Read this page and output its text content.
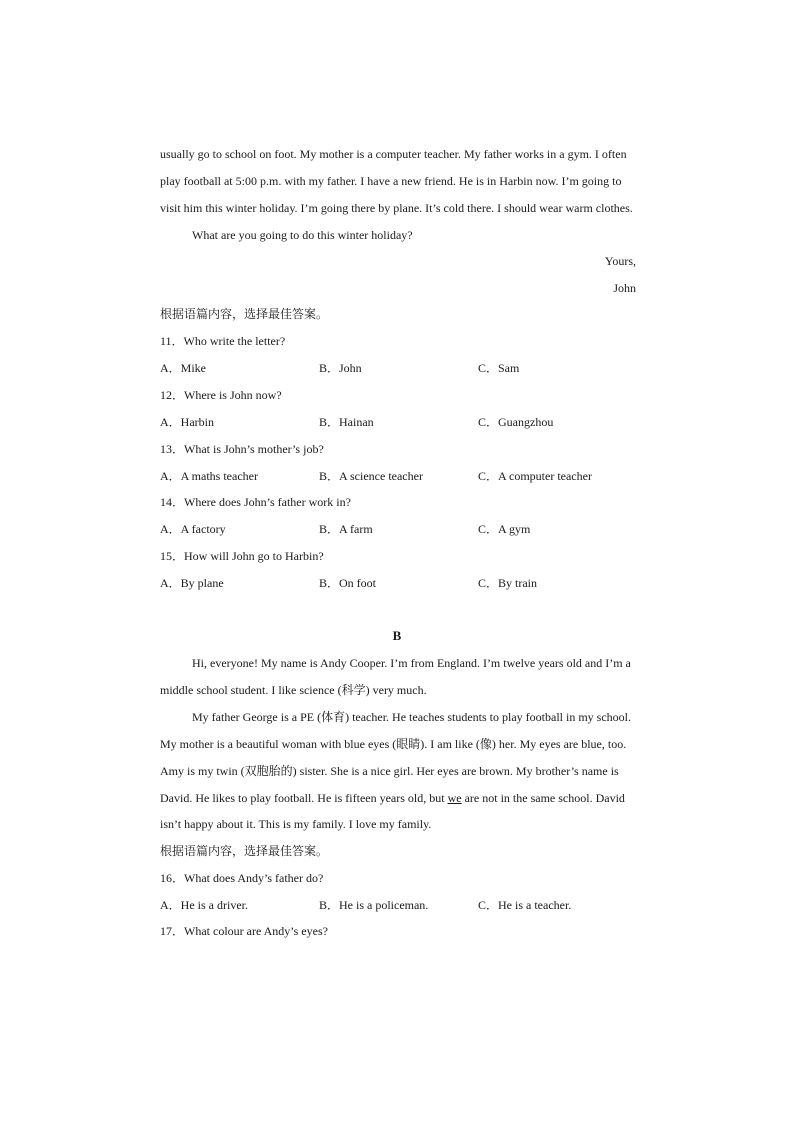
usually go to school on foot. My mother is a computer teacher. My father works in a gym. I often
play football at 5:00 p.m. with my father. I have a new friend. He is in Harbin now. I’m going to
visit him this winter holiday. I’m going there by plane. It’s cold there. I should wear warm clothes.
What are you going to do this winter holiday?
Yours,
John
根据语篇内容，选择最佳答案。
11．Who write the letter?
A．Mike	B．John	C．Sam
12．Where is John now?
A．Harbin	B．Hainan	C．Guangzhou
13．What is John’s mother’s job?
A．A maths teacher	B．A science teacher	C．A computer teacher
14．Where does John’s father work in?
A．A factory	B．A farm	C．A gym
15．How will John go to Harbin?
A．By plane	B．On foot	C．By train
B
Hi, everyone! My name is Andy Cooper. I’m from England. I’m twelve years old and I’m a
middle school student. I like science (科学) very much.
My father George is a PE (体育) teacher. He teaches students to play football in my school.
My mother is a beautiful woman with blue eyes (眼睛). I am like (像) her. My eyes are blue, too.
Amy is my twin (双胞胎的) sister. She is a nice girl. Her eyes are brown. My brother’s name is
David. He likes to play football. He is fifteen years old, but we are not in the same school. David
isn’t happy about it. This is my family. I love my family.
根据语篇内容，选择最佳答案。
16．What does Andy’s father do?
A．He is a driver.	B．He is a policeman.	C．He is a teacher.
17．What colour are Andy’s eyes?
